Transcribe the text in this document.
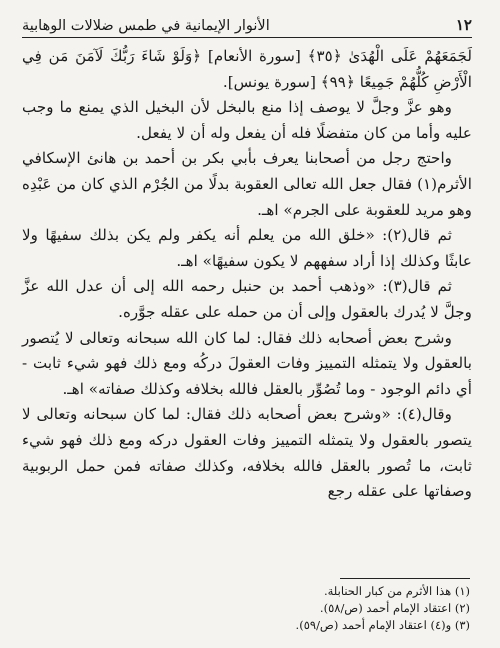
١٢
الأنوار الإيمانية في طمس ضلالات الوهابية

لَجَمَعَهُمْ عَلَى الْهُدَىٰ ﴿٣٥﴾ [سورة الأنعام] ﴿وَلَوْ شَاءَ رَبُّكَ لَآمَنَ مَن فِي الْأَرْضِ كُلُّهُمْ جَمِيعًا ﴿٩٩﴾ [سورة يونس].

وهو عزَّ وجلَّ لا يوصف إذا منع بالبخل لأن البخيل الذي يمنع ما وجب عليه وأما من كان متفضلًا فله أن يفعل وله أن لا يفعل.

واحتج رجل من أصحابنا يعرف بأبي بكر بن أحمد بن هانئ الإسكافي الأثرم(١) فقال جعل الله تعالى العقوبة بدلًا من الجُرْم الذي كان من عَبْدِه وهو مريد للعقوبة على الجرم» اهـ.

ثم قال(٢): «خلق الله من يعلم أنه يكفر ولم يكن بذلك سفيهًا ولا عابثًا وكذلك إذا أراد سفههم لا يكون سفيهًا» اهـ.

ثم قال(٣): «وذهب أحمد بن حنبل رحمه الله إلى أن عدل الله عزَّ وجلَّ لا يُدرك بالعقول وإلى أن من حمله على عقله جوَّره.

وشرح بعض أصحابه ذلك فقال: لما كان الله سبحانه وتعالى لا يُتصور بالعقول ولا يتمثله التمييز وفات العقولَ دركُه ومع ذلك فهو شيء ثابت - أي دائم الوجود - وما تُصُوِّر بالعقل فالله بخلافه وكذلك صفاته» اهـ.

وقال(٤): «وشرح بعض أصحابه ذلك فقال: لما كان سبحانه وتعالى لا يتصور بالعقول ولا يتمثله التمييز وفات العقول دركه ومع ذلك فهو شيء ثابت، ما تُصور بالعقل فالله بخلافه، وكذلك صفاته فمن حمل الربوبية وصفاتها على عقله رجع

(١) هذا الأثرم من كبار الحنابلة.

(٢) اعتقاد الإمام أحمد (ص/٥٨).

(٣) و(٤) اعتقاد الإمام أحمد (ص/٥٩).
